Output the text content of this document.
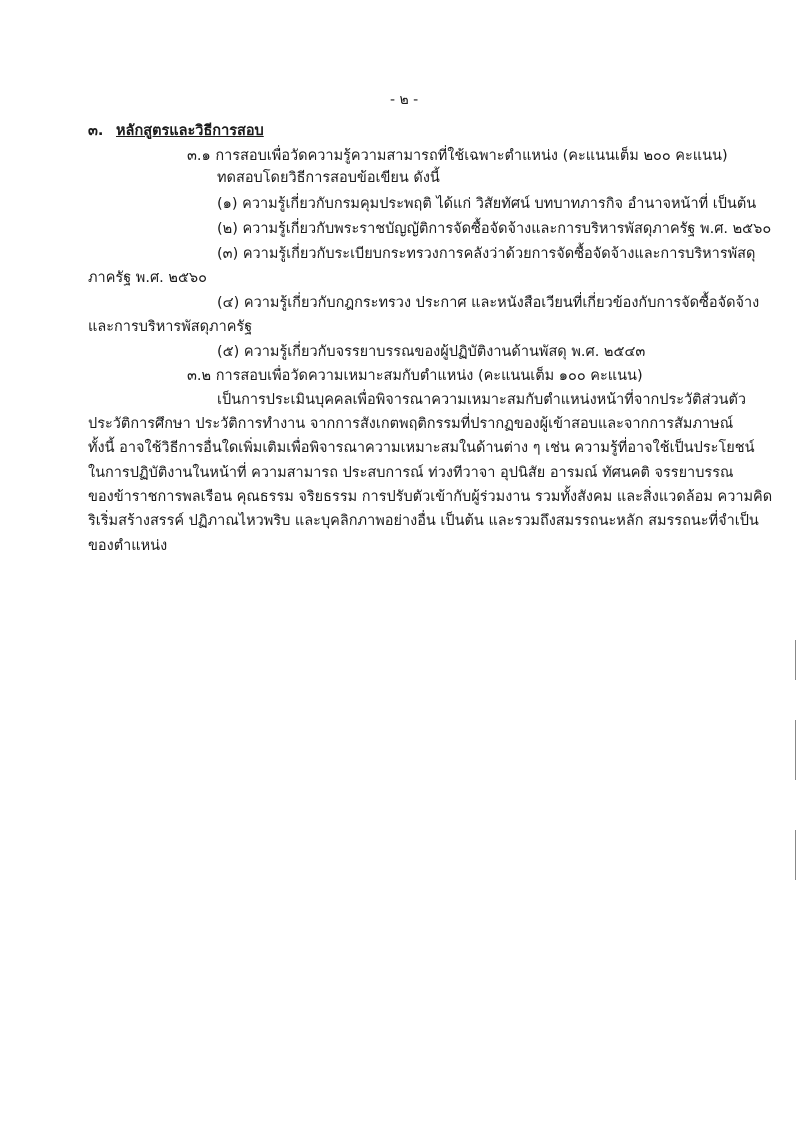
- ๒ -
๓. หลักสูตรและวิธีการสอบ
๓.๑ การสอบเพื่อวัดความรู้ความสามารถที่ใช้เฉพาะตำแหน่ง (คะแนนเต็ม ๒๐๐ คะแนน)
ทดสอบโดยวิธีการสอบข้อเขียน ดังนี้
(๑) ความรู้เกี่ยวกับกรมคุมประพฤติ ได้แก่ วิสัยทัศน์ บทบาทภารกิจ อำนาจหน้าที่ เป็นต้น
(๒) ความรู้เกี่ยวกับพระราชบัญญัติการจัดซื้อจัดจ้างและการบริหารพัสดุภาครัฐ พ.ศ. ๒๕๖๐
(๓) ความรู้เกี่ยวกับระเบียบกระทรวงการคลังว่าด้วยการจัดซื้อจัดจ้างและการบริหารพัสดุ
ภาครัฐ พ.ศ. ๒๕๖๐
(๔) ความรู้เกี่ยวกับกฎกระทรวง ประกาศ และหนังสือเวียนที่เกี่ยวข้องกับการจัดซื้อจัดจ้าง
และการบริหารพัสดุภาครัฐ
(๕) ความรู้เกี่ยวกับจรรยาบรรณของผู้ปฏิบัติงานด้านพัสดุ พ.ศ. ๒๕๔๓
๓.๒ การสอบเพื่อวัดความเหมาะสมกับตำแหน่ง (คะแนนเต็ม ๑๐๐ คะแนน)
เป็นการประเมินบุคคลเพื่อพิจารณาความเหมาะสมกับตำแหน่งหน้าที่จากประวัติส่วนตัว
ประวัติการศึกษา ประวัติการทำงาน จากการสังเกตพฤติกรรมที่ปรากฏของผู้เข้าสอบและจากการสัมภาษณ์
ทั้งนี้ อาจใช้วิธีการอื่นใดเพิ่มเติมเพื่อพิจารณาความเหมาะสมในด้านต่าง ๆ เช่น ความรู้ที่อาจใช้เป็นประโยชน์
ในการปฏิบัติงานในหน้าที่ ความสามารถ ประสบการณ์ ท่วงทีวาจา อุปนิสัย อารมณ์ ทัศนคติ จรรยาบรรณ
ของข้าราชการพลเรือน คุณธรรม จริยธรรม การปรับตัวเข้ากับผู้ร่วมงาน รวมทั้งสังคม และสิ่งแวดล้อม ความคิด
ริเริ่มสร้างสรรค์ ปฏิภาณไหวพริบ และบุคลิกภาพอย่างอื่น เป็นต้น และรวมถึงสมรรถนะหลัก สมรรถนะที่จำเป็น
ของตำแหน่ง
